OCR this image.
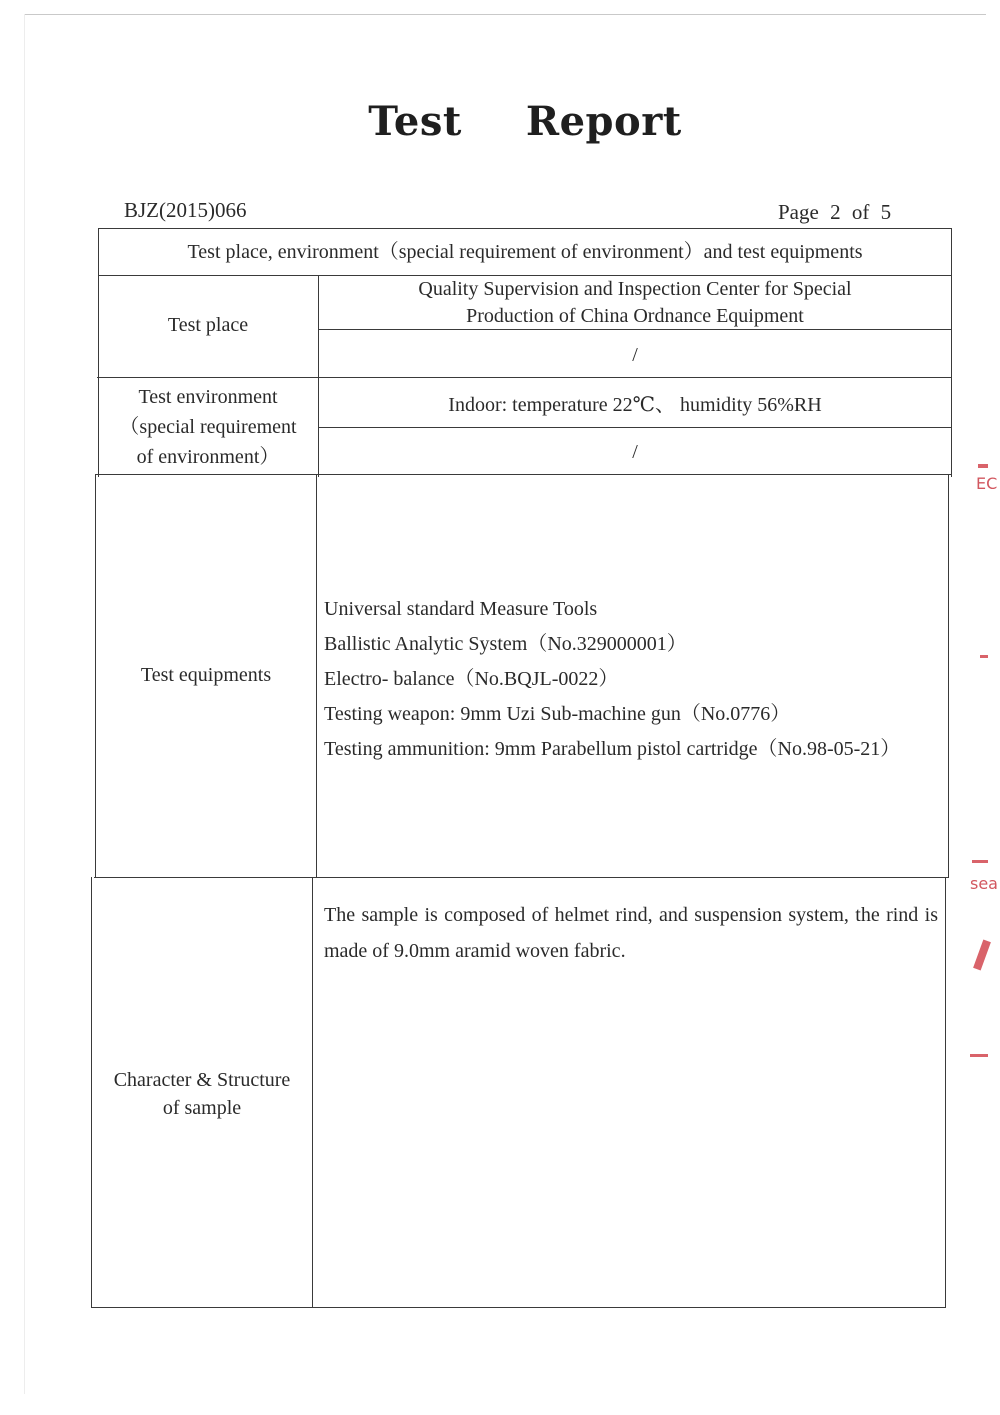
Test Report
BJZ(2015)066	Page 2 of 5
Test place, environment（special requirement of environment）and test equipments
Test place
Quality Supervision and Inspection Center for Special
Production of China Ordnance Equipment
/
Test environment
（special requirement
of environment）
Indoor: temperature 22℃、 humidity 56%RH
/
Test equipments
Universal standard Measure Tools
Ballistic Analytic System（No.329000001）
Electro- balance（No.BQJL-0022）
Testing weapon: 9mm Uzi Sub-machine gun（No.0776）
Testing ammunition: 9mm Parabellum pistol cartridge（No.98-05-21）
Character & Structure
of sample
The sample is composed of helmet rind, and suspension system, the rind is made of 9.0mm aramid woven fabric.
EC
sea
